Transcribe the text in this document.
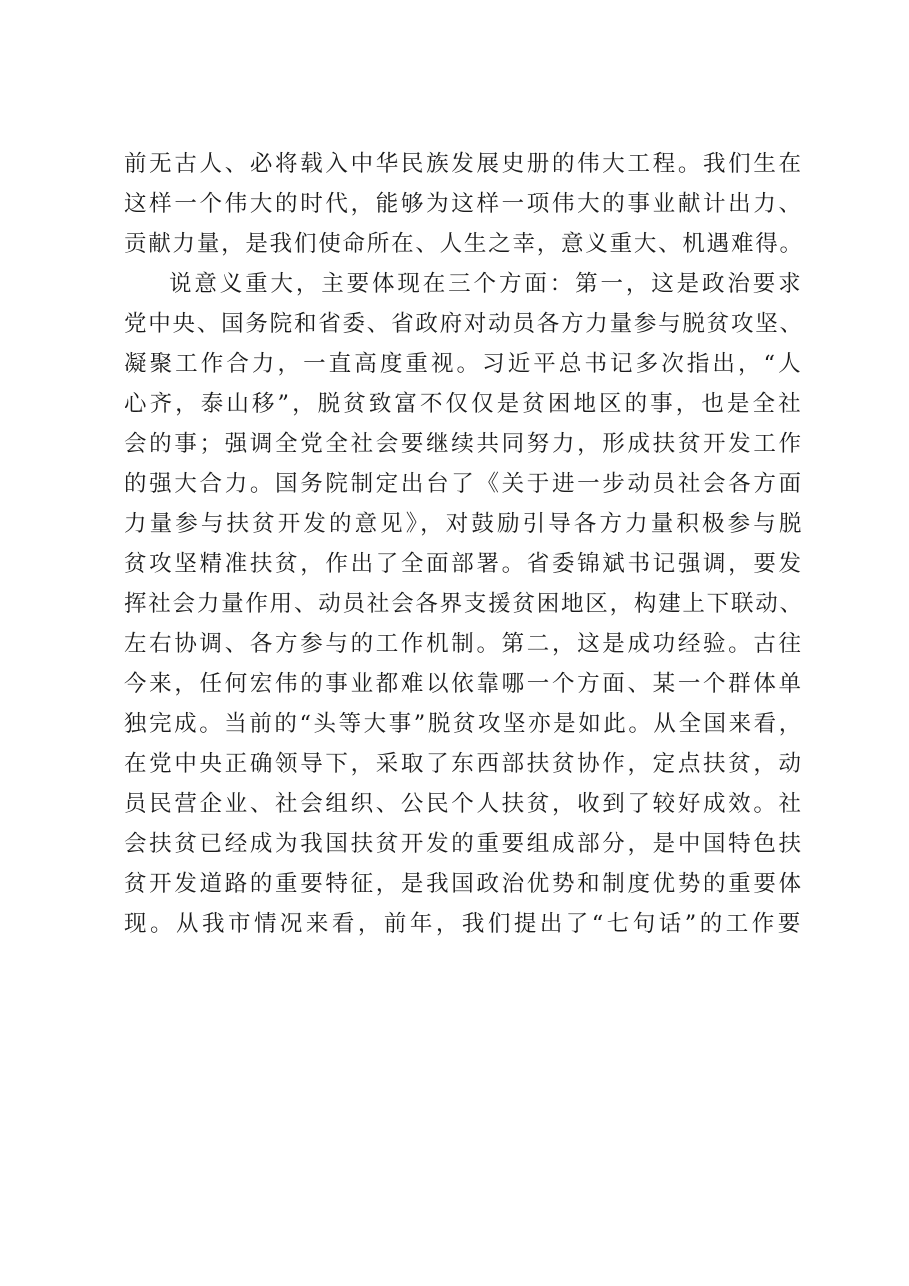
前无古人、必将载入中华民族发展史册的伟大工程。我们生在
这样一个伟大的时代，能够为这样一项伟大的事业献计出力、
贡献力量，是我们使命所在、人生之幸，意义重大、机遇难得。
说意义重大，主要体现在三个方面：第一，这是政治要求
党中央、国务院和省委、省政府对动员各方力量参与脱贫攻坚、
凝聚工作合力，一直高度重视。习近平总书记多次指出，“人
心齐，泰山移”，脱贫致富不仅仅是贫困地区的事，也是全社
会的事；强调全党全社会要继续共同努力，形成扶贫开发工作
的强大合力。国务院制定出台了《关于进一步动员社会各方面
力量参与扶贫开发的意见》，对鼓励引导各方力量积极参与脱
贫攻坚精准扶贫，作出了全面部署。省委锦斌书记强调，要发
挥社会力量作用、动员社会各界支援贫困地区，构建上下联动、
左右协调、各方参与的工作机制。第二，这是成功经验。古往
今来，任何宏伟的事业都难以依靠哪一个方面、某一个群体单
独完成。当前的“头等大事”脱贫攻坚亦是如此。从全国来看，
在党中央正确领导下，采取了东西部扶贫协作，定点扶贫，动
员民营企业、社会组织、公民个人扶贫，收到了较好成效。社
会扶贫已经成为我国扶贫开发的重要组成部分，是中国特色扶
贫开发道路的重要特征，是我国政治优势和制度优势的重要体
现。从我市情况来看，前年，我们提出了“七句话”的工作要
